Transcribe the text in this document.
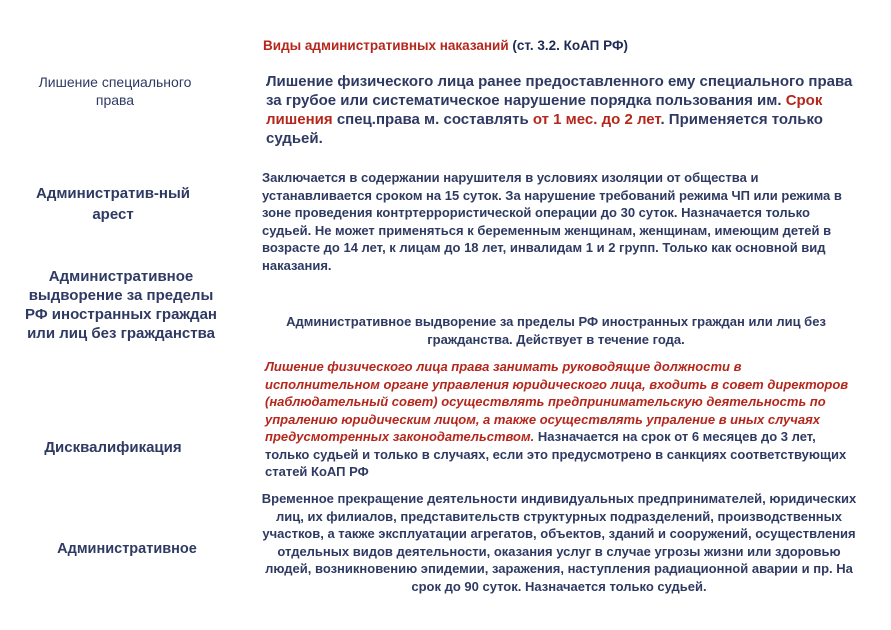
Виды административных наказаний (ст. 3.2. КоАП РФ)
Лишение специального права
Лишение физического лица ранее предоставленного ему специального права за грубое или систематическое нарушение порядка пользования им. Срок лишения спец.права м. составлять от 1 мес. до 2 лет. Применяется только судьей.
Административ-ный арест
Заключается в содержании нарушителя в условиях изоляции от общества и устанавливается сроком на 15 суток. За нарушение требований режима ЧП или режима в зоне проведения контртеррористической операции до 30 суток. Назначается только судьей. Не может применяться к беременным женщинам, женщинам, имеющим детей в возрасте до 14 лет, к лицам до 18 лет, инвалидам 1 и 2 групп. Только как основной вид наказания.
Административное выдворение за пределы РФ иностранных граждан или лиц без гражданства
Административное выдворение за пределы РФ иностранных граждан или лиц без гражданства. Действует в течение года.
Дисквалификация
Лишение физического лица права занимать руководящие должности в исполнительном органе управления юридического лица, входить в совет директоров (наблюдательный совет) осуществлять предпринимательскую деятельность по упралению юридическим лицом, а также осуществлять упраление в иных случаях предусмотренных законодательством. Назначается на срок от 6 месяцев до 3 лет, только судьей и только в случаях, если это предусмотрено в санкциях соответствующих статей КоАП РФ
Административное
Временное прекращение деятельности индивидуальных предпринимателей, юридических лиц, их филиалов, представительств структурных подразделений, производственных участков, а также эксплуатации агрегатов, объектов, зданий и сооружений, осуществления отдельных видов деятельности, оказания услуг в случае угрозы жизни или здоровью людей, возникновению эпидемии, заражения, наступления радиационной аварии и пр. На срок до 90 суток. Назначается только судьей.
